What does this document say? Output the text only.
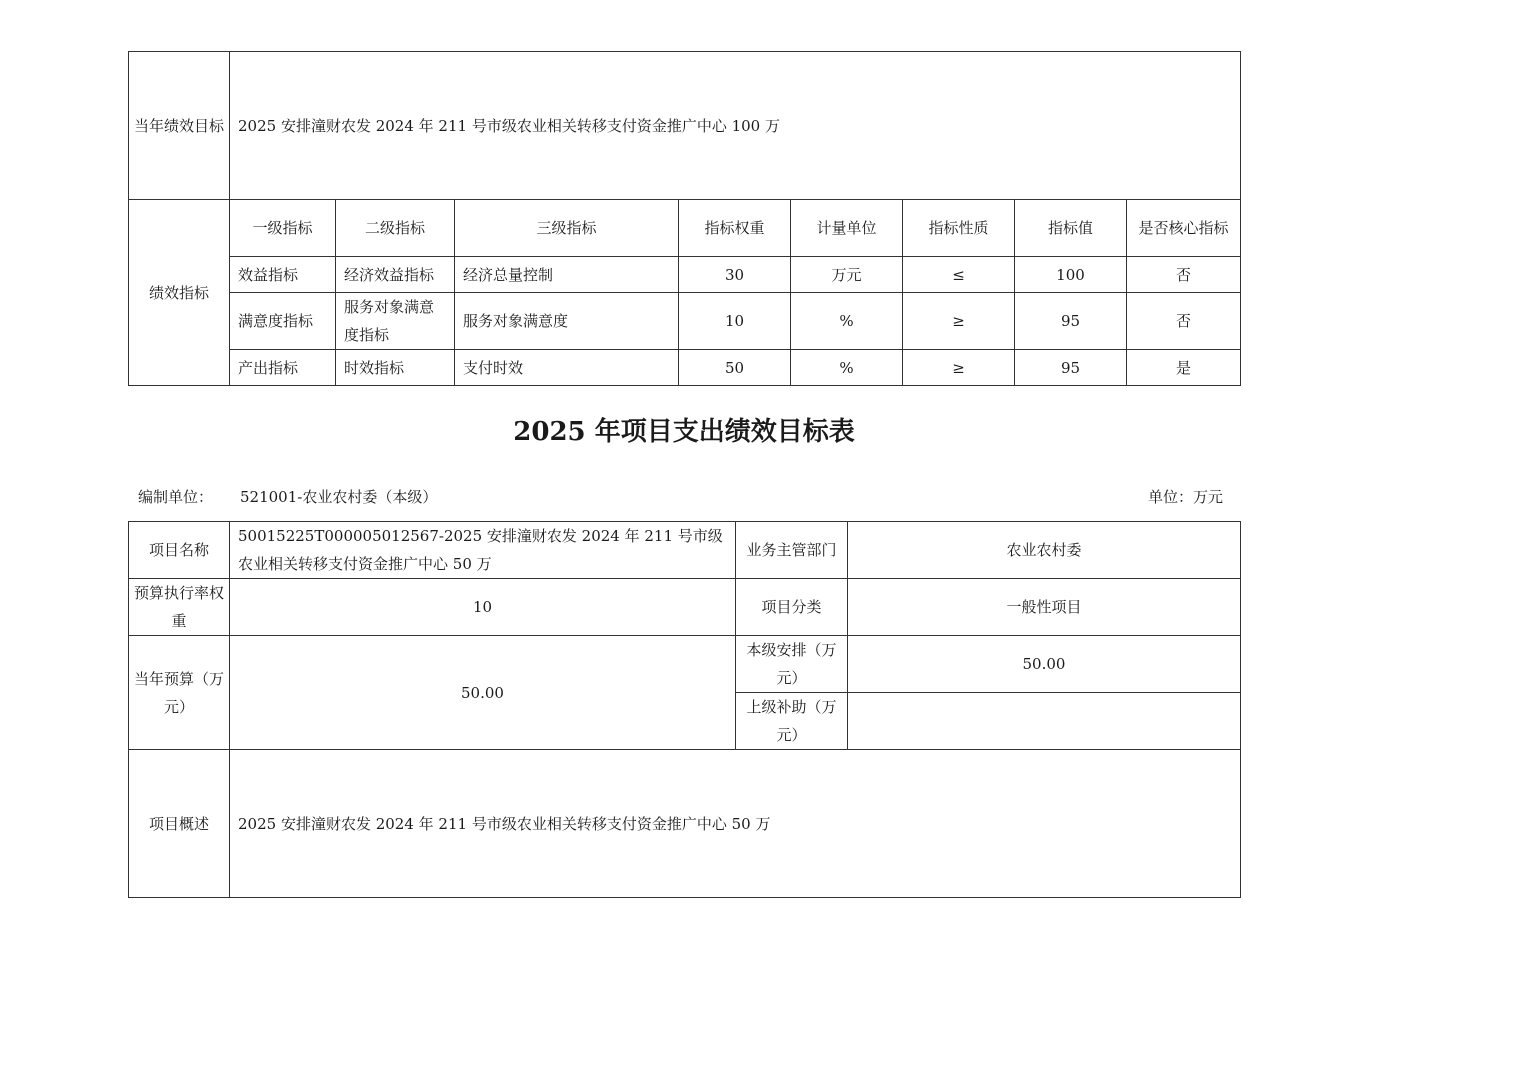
当年绩效目标	2025 安排潼财农发 2024 年 211 号市级农业相关转移支付资金推广中心 100 万							
绩效指标	一级指标	二级指标	三级指标	指标权重	计量单位	指标性质	指标值	是否核心指标
	效益指标	经济效益指标	经济总量控制	30	万元	≤	100	否
	满意度指标	服务对象满意度指标	服务对象满意度	10	%	≥	95	否
	产出指标	时效指标	支付时效	50	%	≥	95	是
2025 年项目支出绩效目标表
编制单位： 521001-农业农村委（本级）	单位：万元
项目名称	50015225T000005012567-2025 安排潼财农发 2024 年 211 号市级农业相关转移支付资金推广中心 50 万	业务主管部门	农业农村委
预算执行率权重	10	项目分类	一般性项目
当年预算（万元）	50.00	本级安排（万元）	50.00
		上级补助（万元）	
项目概述	2025 安排潼财农发 2024 年 211 号市级农业相关转移支付资金推广中心 50 万		
